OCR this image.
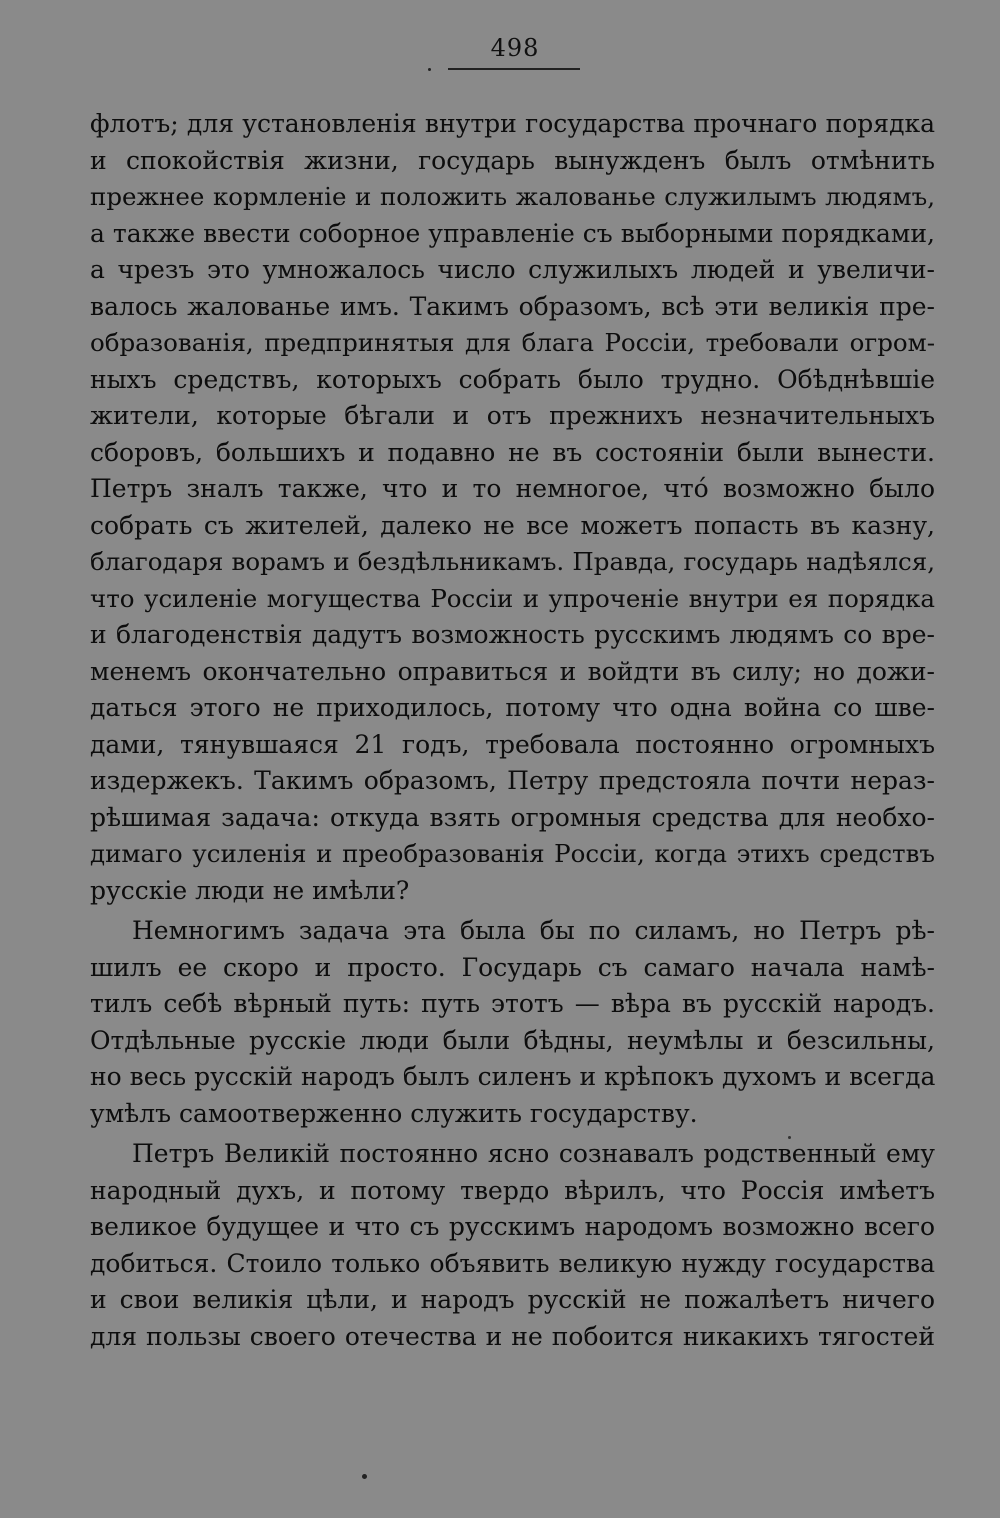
498
флотъ; для установленія внутри государства прочнаго порядка
и спокойствія жизни, государь вынужденъ былъ отмѣнить
прежнее кормленіе и положить жалованье служилымъ людямъ,
а также ввести соборное управленіе съ выборными порядками,
а чрезъ это умножалось число служилыхъ людей и увеличи-
валось жалованье имъ. Такимъ образомъ, всѣ эти великія пре-
образованія, предпринятыя для блага Россіи, требовали огром-
ныхъ средствъ, которыхъ собрать было трудно. Обѣднѣвшіе
жители, которые бѣгали и отъ прежнихъ незначительныхъ
сборовъ, большихъ и подавно не въ состояніи были вынести.
Петръ зналъ также, что и то немногое, что́ возможно было
собрать съ жителей, далеко не все можетъ попасть въ казну,
благодаря ворамъ и бездѣльникамъ. Правда, государь надѣялся,
что усиленіе могущества Россіи и упроченіе внутри ея порядка
и благоденствія дадутъ возможность русскимъ людямъ со вре-
менемъ окончательно оправиться и войдти въ силу; но дожи-
даться этого не приходилось, потому что одна война со шве-
дами, тянувшаяся 21 годъ, требовала постоянно огромныхъ
издержекъ. Такимъ образомъ, Петру предстояла почти нераз-
рѣшимая задача: откуда взять огромныя средства для необхо-
димаго усиленія и преобразованія Россіи, когда этихъ средствъ
русскіе люди не имѣли?
Немногимъ задача эта была бы по силамъ, но Петръ рѣ-
шилъ ее скоро и просто. Государь съ самаго начала намѣ-
тилъ себѣ вѣрный путь: путь этотъ — вѣра въ русскій народъ.
Отдѣльные русскіе люди были бѣдны, неумѣлы и безсильны,
но весь русскій народъ былъ силенъ и крѣпокъ духомъ и всегда
умѣлъ самоотверженно служить государству.
Петръ Великій постоянно ясно сознавалъ родственный ему
народный духъ, и потому твердо вѣрилъ, что Россія имѣетъ
великое будущее и что съ русскимъ народомъ возможно всего
добиться. Стоило только объявить великую нужду государства
и свои великія цѣли, и народъ русскій не пожалѣетъ ничего
для пользы своего отечества и не побоится никакихъ тягостей
